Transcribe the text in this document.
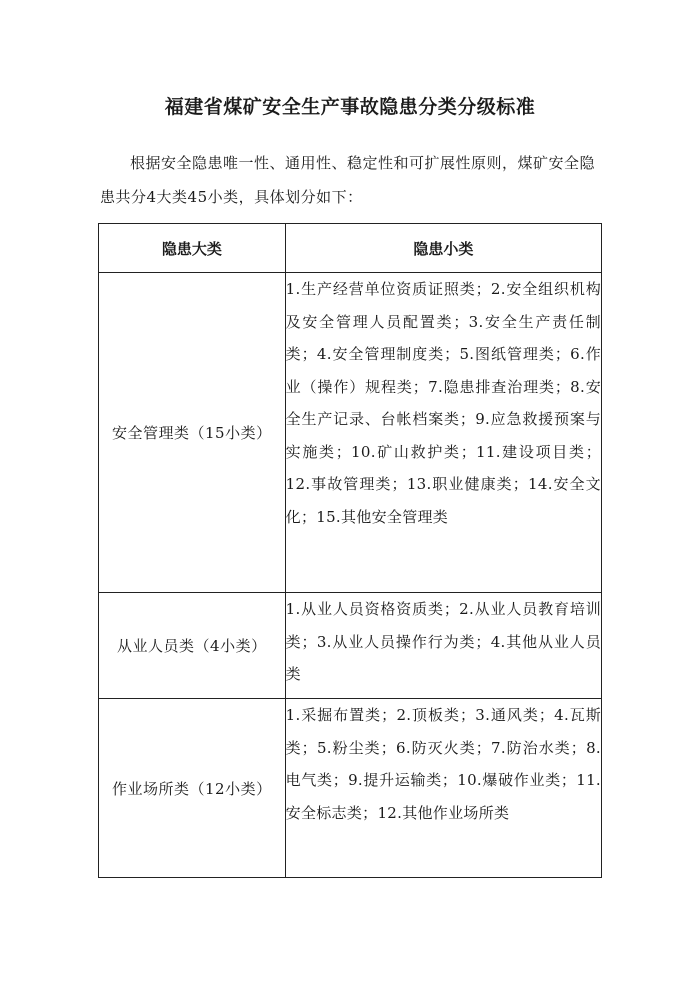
福建省煤矿安全生产事故隐患分类分级标准
根据安全隐患唯一性、通用性、稳定性和可扩展性原则，煤矿安全隐患共分4大类45小类，具体划分如下：
隐患大类	隐患小类
安全管理类（15小类）	1.生产经营单位资质证照类；2.安全组织机构及安全管理人员配置类；3.安全生产责任制类；4.安全管理制度类；5.图纸管理类；6.作业（操作）规程类；7.隐患排查治理类；8.安全生产记录、台帐档案类；9.应急救援预案与实施类；10.矿山救护类；11.建设项目类；12.事故管理类；13.职业健康类；14.安全文化；15.其他安全管理类
从业人员类（4小类）	1.从业人员资格资质类；2.从业人员教育培训类；3.从业人员操作行为类；4.其他从业人员类
作业场所类（12小类）	1.采掘布置类；2.顶板类；3.通风类；4.瓦斯类；5.粉尘类；6.防灭火类；7.防治水类；8.电气类；9.提升运输类；10.爆破作业类；11.安全标志类；12.其他作业场所类
